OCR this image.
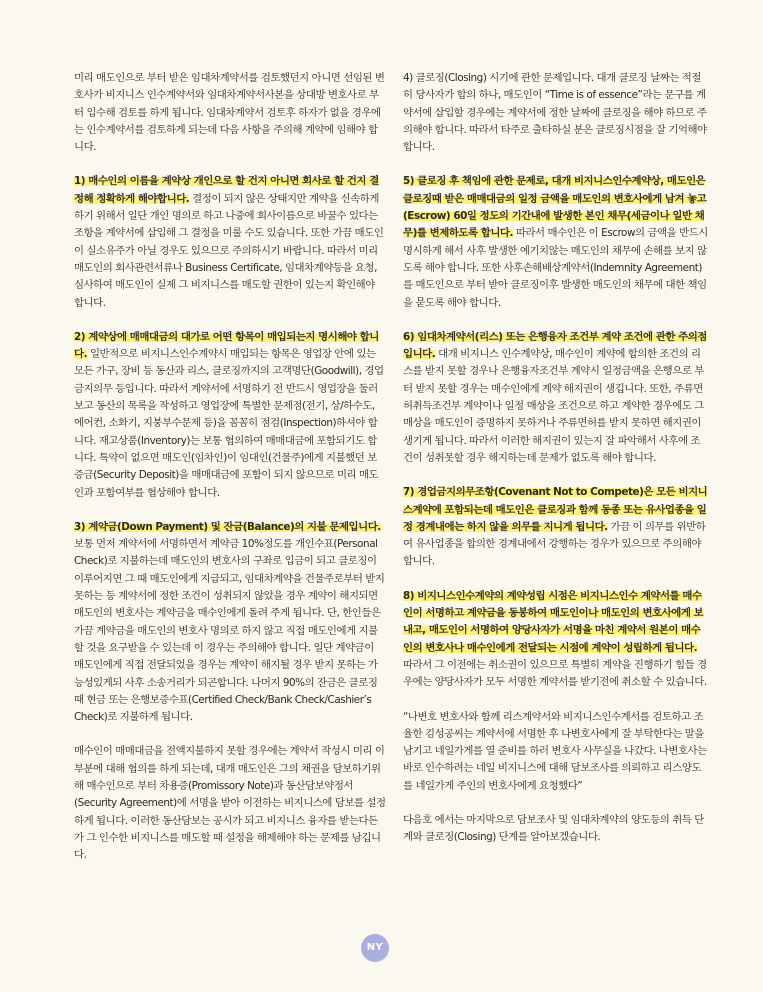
미리 매도인으로 부터 받은 임대차계약서를 검토했던지 아니면 선임된 변호사가 비지니스 인수계약서와 임대차계약서사본을 상대방 변호사로 부터 입수해 검토를 하게 됩니다. 임대차계약서 검토후 하자가 없을 경우에는 인수계약서를 검토하게 되는데 다음 사항을 주의해 계약에 임해야 합니다.

1) 매수인의 이름을 계약상 개인으로 할 건지 아니면 회사로 할 건지 결정해 정확하게 해야합니다. 결정이 되지 않은 상태지만 계약을 신속하게 하기 위해서 일단 개인 명의로 하고 나중에 회사이름으로 바꿀수 있다는 조항을 계약서에 삽입해 그 결정을 미룰 수도 있습니다. 또한 가끔 매도인이 실소유주가 아닐 경우도 있으므로 주의하시기 바랍니다. 따라서 미리 매도인의 회사관련서류나 Business Certificate, 임대차계약등을 요청, 심사하여 매도인이 실제 그 비지니스를 매도할 권한이 있는지 확인해야 합니다.

2) 계약상에 매매대금의 대가로 어떤 항목이 매입되는지 명시해야 합니다. 일반적으로 비지니스인수계약시 매입되는 항목은 영업장 안에 있는 모든 가구, 장비 등 동산과 리스, 클로징까지의 고객명단(Goodwill), 경업금지의무 등입니다. 따라서 계약서에 서명하기 전 반드시 영업장을 둘러보고 동산의 목록을 작성하고 영업장에 특별한 문제점(전기, 상/하수도, 에어컨, 소화기, 지붕부수문제 등)을 꼼꼼히 점검(Inspection)하셔야 합니다. 재고상품(Inventory)는 보통 협의하여 매매대금에 포함되기도 합니다. 특약이 없으면 매도인(임차인)이 임대인(건물주)에게 지불했던 보증금(Security Deposit)을 매매대금에 포함이 되지 않으므로 미리 매도인과 포함여부를 협상해야 합니다.

3) 계약금(Down Payment) 및 잔금(Balance)의 지불 문제입니다. 보통 먼저 계약서에 서명하면서 계약금 10%정도를 개인수표(Personal Check)로 지불하는데 매도인의 변호사의 구좌로 입금이 되고 클로징이 이루어지면 그 때 매도인에게 지급되고, 임대차계약을 건물주로부터 받지 못하는 등 계약서에 정한 조건이 성취되지 않았을 경우 계약이 해지되면 매도인의 변호사는 계약금을 매수인에게 돌려 주게 됩니다. 단, 한인들은 가끔 계약금을 매도인의 변호사 명의로 하지 않고 직접 매도인에게 지불할 것을 요구받을 수 있는데 이 경우는 주의해야 합니다. 일단 계약금이 매도인에게 직접 전달되었을 경우는 계약이 해지될 경우 받지 못하는 가능성있게되 사후 소송거리가 되곤합니다. 나머지 90%의 잔금은 클로징 때 현금 또는 은행보증수표(Certified Check/Bank Check/Cashier’s Check)로 지불하게 됩니다.

매수인이 매매대금을 전액지불하지 못할 경우에는 계약서 작성시 미리 이 부분에 대해 협의를 하게 되는데, 대개 매도인은 그의 채권을 담보하기위해 매수인으로 부터 차용증(Promissory Note)과 동산담보약정서(Security Agreement)에 서명을 받아 이전하는 비지니스에 담보를 설정하게 됩니다. 이러한 동산담보는 공시가 되고 비지니스 융자를 받는다든가 그 인수한 비지니스를 매도할 때 설정을 해제해야 하는 문제를 남깁니다.

4) 클로징(Closing) 시기에 관한 문제입니다. 대개 클로징 날짜는 적절히 당사자가 합의 하나, 매도인이 “Time is of essence”라는 문구를 계약서에 삽입할 경우에는 계약서에 정한 날짜에 클로징을 해야 하므로 주의해야 합니다. 따라서 타주로 출타하실 분은 클로징시점을 잘 기억해야 합니다.

5) 클로징 후 책임에 관한 문제로, 대개 비지니스인수계약상, 매도인은 클로징때 받은 매매대금의 일정 금액을 매도인의 변호사에게 남겨 놓고(Escrow) 60일 정도의 기간내에 발생한 본인 채무(세금이나 일반 채무)를 변제하도록 합니다. 따라서 매수인은 이 Escrow의 금액을 반드시 명시하게 해서 사후 발생한 예기치않는 매도인의 채무에 손해를 보지 않도록 해야 합니다. 또한 사후손해배상계약서(Indemnity Agreement)를 매도인으로 부터 받아 클로징이후 발생한 매도인의 채무에 대한 책임을 묻도록 해야 합니다.

6) 임대차계약서(리스) 또는 은행융자 조건부 계약 조건에 관한 주의점입니다. 대개 비지니스 인수계약상, 매수인이 계약에 합의한 조건의 리스를 받지 못할 경우나 은행융자조건부 계약시 일정금액을 은행으로 부터 받지 못할 경우는 매수인에게 계약 해지권이 생깁니다. 또한, 주류면허취득조건부 계약이나 일정 매상을 조건으로 하고 계약한 경우에도 그 매상을 매도인이 증명하지 못하거나 주류면허를 받지 못하면 해지권이 생기게 됩니다. 따라서 이러한 해지권이 있는지 잘 파악해서 사후에 조건이 성취못할 경우 해지하는데 문제가 없도록 해야 합니다.

7) 경업금지의무조항(Covenant Not to Compete)은 모든 비지니스계약에 포함되는데 매도인은 클로징과 함께 동종 또는 유사업종을 일정 경계내에는 하지 않을 의무를 지니게 됩니다. 가끔 이 의무를 위반하여 유사업종을 합의한 경계내에서 강행하는 경우가 있으므로 주의해야 합니다.

8) 비지니스인수계약의 계약성립 시점은 비지니스인수 계약서를 매수인이 서명하고 계약금을 동봉하여 매도인이나 매도인의 변호사에게 보내고, 매도인이 서명하여 양당사자가 서명을 마친 계약서 원본이 매수인의 변호사나 매수인에게 전달되는 시점에 계약이 성립하게 됩니다. 따라서 그 이전에는 취소권이 있으므로 특별히 계약을 진행하기 힘들 경우에는 양당사자가 모두 서명한 계약서를 받기전에 취소할 수 있습니다.

“나변호 변호사와 함께 리스계약서와 비지니스인수계서를 검토하고 조율한 김성공씨는 계약서에 서명한 후 나변호사에게 잘 부탁한다는 말을 남기고 네일가게를 열 준비를 하러 변호사 사무실을 나갔다. 나변호사는 바로 인수하려는 네일 비지니스에 대해 담보조사를 의뢰하고 리스양도를 네일가게 주인의 변호사에게 요청했다”

다음호 에서는 마지막으로 담보조사 및 임대차계약의 양도등의 취득 단계와 클로징(Closing) 단계를 알아보겠습니다.

NY
